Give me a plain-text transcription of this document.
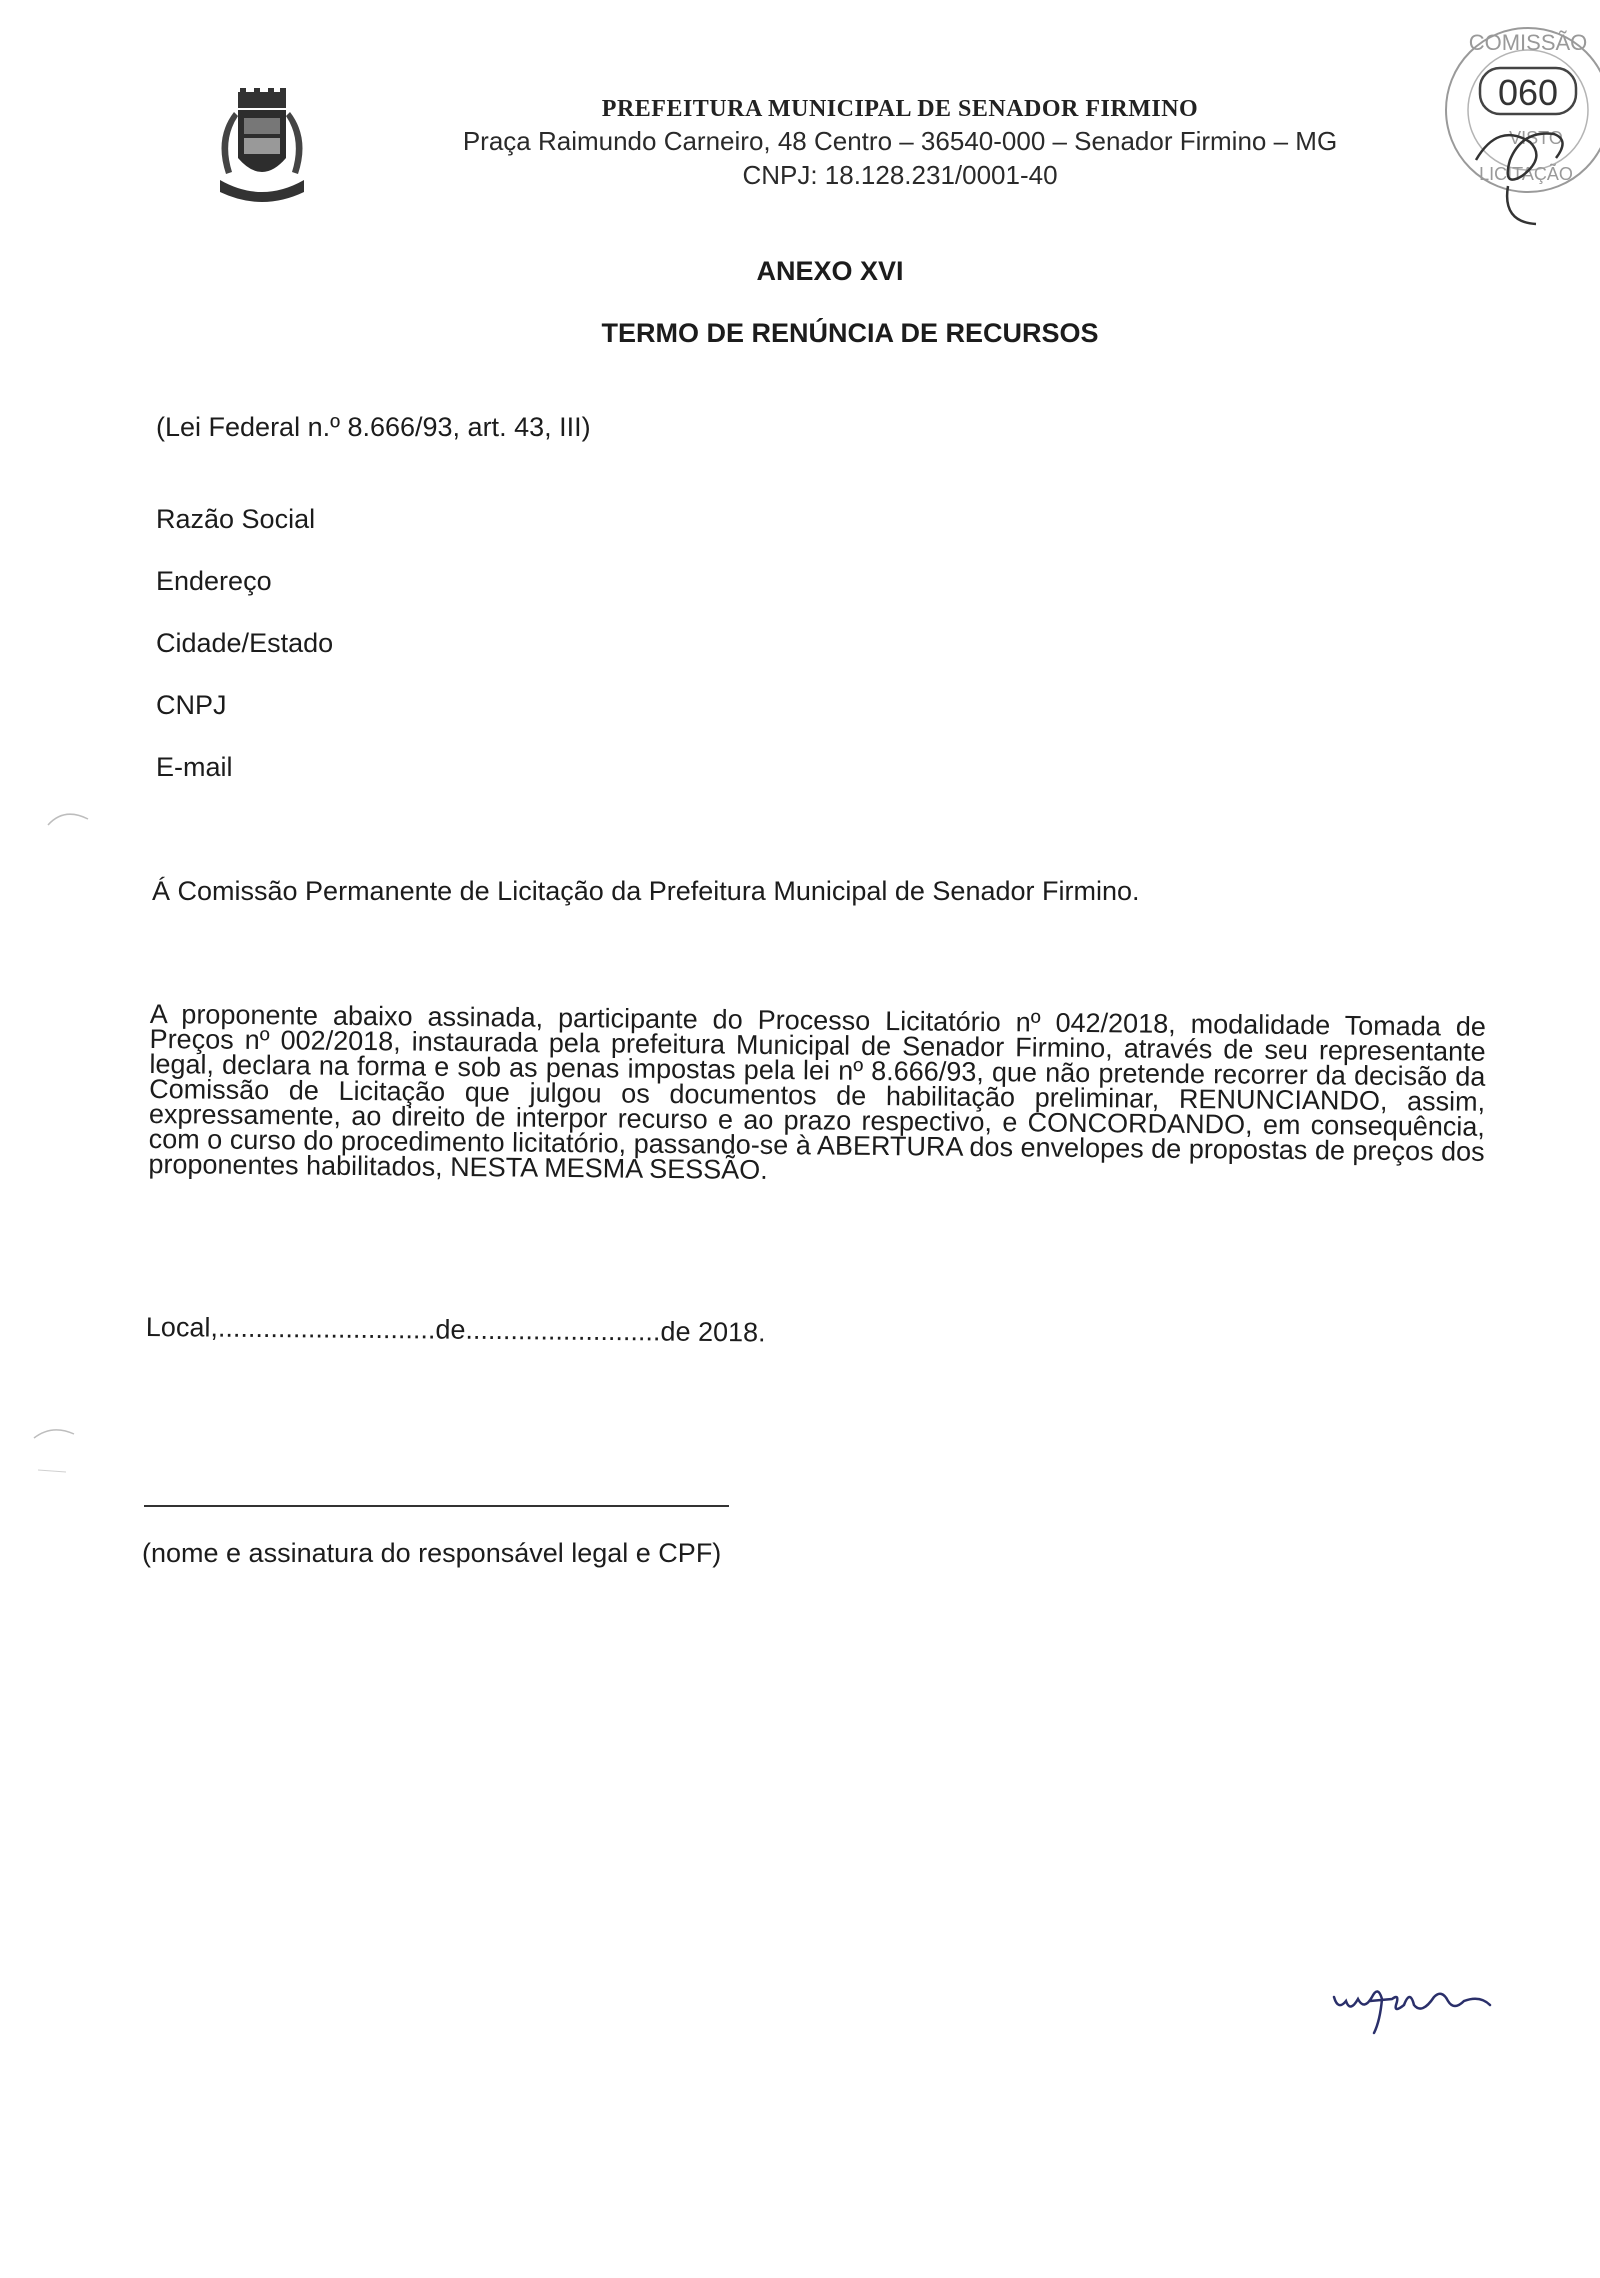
PREFEITURA MUNICIPAL DE SENADOR FIRMINO
Praça Raimundo Carneiro, 48 Centro – 36540-000 – Senador Firmino – MG
CNPJ: 18.128.231/0001-40
COMISSÃO
060
VISTO
LICITAÇÃO
ANEXO XVI
TERMO DE RENÚNCIA DE RECURSOS
(Lei Federal n.º 8.666/93, art. 43, III)
Razão Social
Endereço
Cidade/Estado
CNPJ
E-mail
Á Comissão Permanente de Licitação da Prefeitura Municipal de Senador Firmino.
A proponente abaixo assinada, participante do Processo Licitatório nº 042/2018, modalidade Tomada de Preços nº 002/2018, instaurada pela prefeitura Municipal de Senador Firmino, através de seu representante legal, declara na forma e sob as penas impostas pela lei nº 8.666/93, que não pretende recorrer da decisão da Comissão de Licitação que julgou os documentos de habilitação preliminar, RENUNCIANDO, assim, expressamente, ao direito de interpor recurso e ao prazo respectivo, e CONCORDANDO, em consequência, com o curso do procedimento licitatório, passando-se à ABERTURA dos envelopes de propostas de preços dos proponentes habilitados, NESTA MESMA SESSÃO.
Local,.............................de..........................de 2018.
(nome e assinatura do responsável legal e CPF)
